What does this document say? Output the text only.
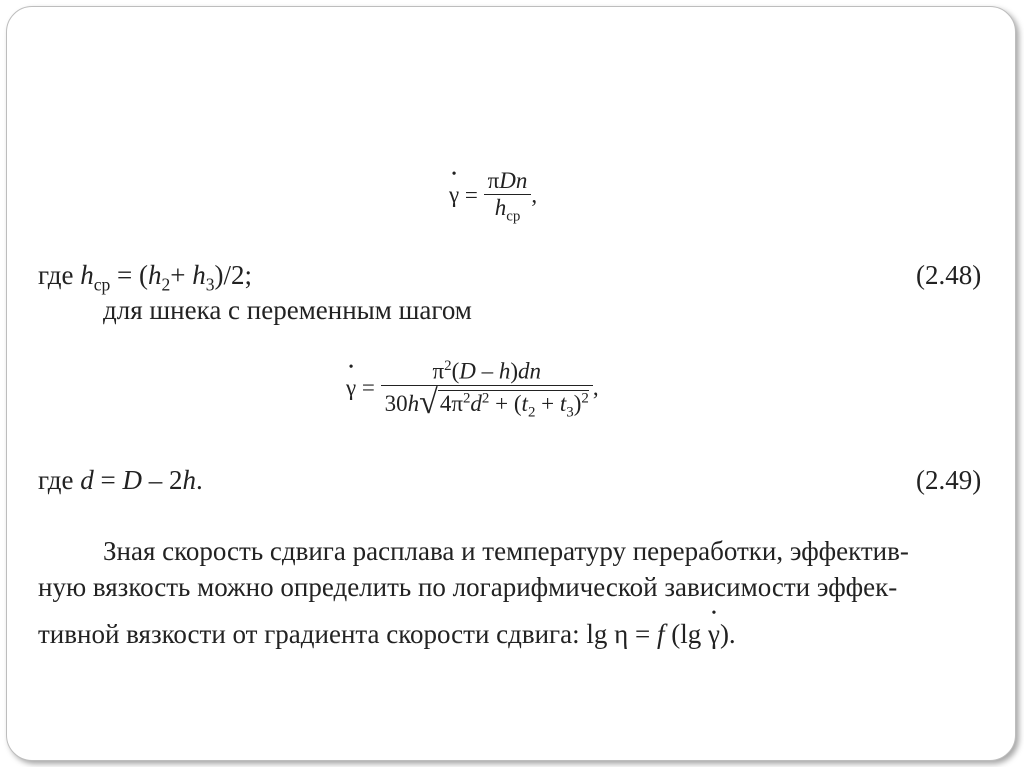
•
$\gamma = \frac{\text{πDn}}{h_{cp}}$ ,
где $h_{cp} = (h_2+ h_3)/2$;	(2.48)
для шнека с переменным шагом
•
$\gamma = \frac{\pi^2(D - h)dn}{30h√4\pi^2d^2 + (t_2 + t_3)^2}$ ,
где d = D – 2h.	(2.49)
Зная скорость сдвига расплава и температуру переработки, эффектив-
ную вязкость можно определить по логарифмической зависимости эффек-
тивной вязкости от градиента скорости сдвига: lg η = f (lg
•
γ).
